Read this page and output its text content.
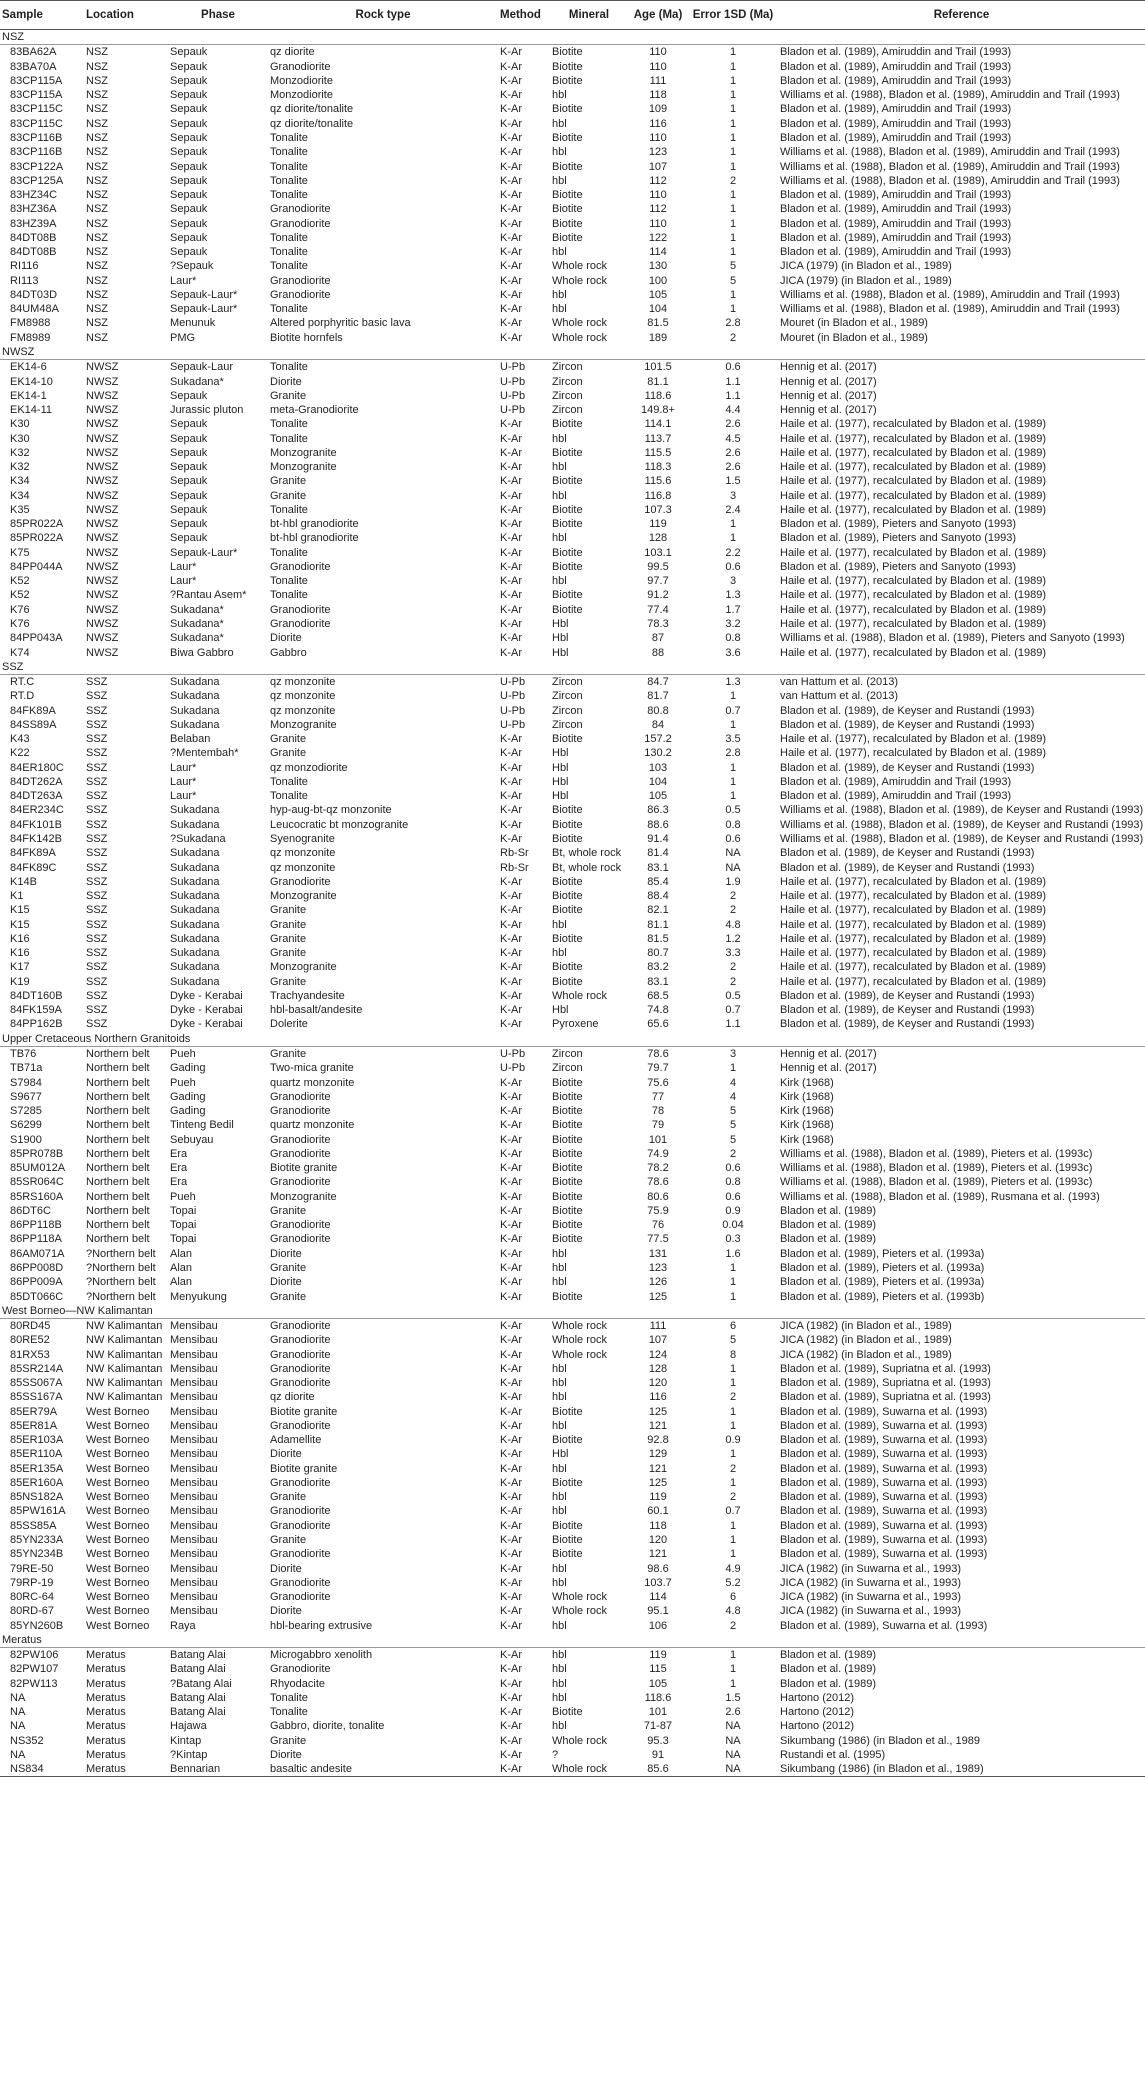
Sample	Location	Phase	Rock type	Method	Mineral	Age (Ma)	Error 1SD (Ma)	Reference
NSZ								
83BA62A	NSZ	Sepauk	qz diorite	K-Ar	Biotite	110	1	Bladon et al. (1989), Amiruddin and Trail (1993)
83BA70A	NSZ	Sepauk	Granodiorite	K-Ar	Biotite	110	1	Bladon et al. (1989), Amiruddin and Trail (1993)
83CP115A	NSZ	Sepauk	Monzodiorite	K-Ar	Biotite	111	1	Bladon et al. (1989), Amiruddin and Trail (1993)
83CP115A	NSZ	Sepauk	Monzodiorite	K-Ar	hbl	118	1	Williams et al. (1988), Bladon et al. (1989), Amiruddin and Trail (1993)
83CP115C	NSZ	Sepauk	qz diorite/tonalite	K-Ar	Biotite	109	1	Bladon et al. (1989), Amiruddin and Trail (1993)
83CP115C	NSZ	Sepauk	qz diorite/tonalite	K-Ar	hbl	116	1	Bladon et al. (1989), Amiruddin and Trail (1993)
83CP116B	NSZ	Sepauk	Tonalite	K-Ar	Biotite	110	1	Bladon et al. (1989), Amiruddin and Trail (1993)
83CP116B	NSZ	Sepauk	Tonalite	K-Ar	hbl	123	1	Williams et al. (1988), Bladon et al. (1989), Amiruddin and Trail (1993)
83CP122A	NSZ	Sepauk	Tonalite	K-Ar	Biotite	107	1	Williams et al. (1988), Bladon et al. (1989), Amiruddin and Trail (1993)
83CP125A	NSZ	Sepauk	Tonalite	K-Ar	hbl	112	2	Williams et al. (1988), Bladon et al. (1989), Amiruddin and Trail (1993)
83HZ34C	NSZ	Sepauk	Tonalite	K-Ar	Biotite	110	1	Bladon et al. (1989), Amiruddin and Trail (1993)
83HZ36A	NSZ	Sepauk	Granodiorite	K-Ar	Biotite	112	1	Bladon et al. (1989), Amiruddin and Trail (1993)
83HZ39A	NSZ	Sepauk	Granodiorite	K-Ar	Biotite	110	1	Bladon et al. (1989), Amiruddin and Trail (1993)
84DT08B	NSZ	Sepauk	Tonalite	K-Ar	Biotite	122	1	Bladon et al. (1989), Amiruddin and Trail (1993)
84DT08B	NSZ	Sepauk	Tonalite	K-Ar	hbl	114	1	Bladon et al. (1989), Amiruddin and Trail (1993)
RI116	NSZ	?Sepauk	Tonalite	K-Ar	Whole rock	130	5	JICA (1979) (in Bladon et al., 1989)
RI113	NSZ	Laur*	Granodiorite	K-Ar	Whole rock	100	5	JICA (1979) (in Bladon et al., 1989)
84DT03D	NSZ	Sepauk-Laur*	Granodiorite	K-Ar	hbl	105	1	Williams et al. (1988), Bladon et al. (1989), Amiruddin and Trail (1993)
84UM48A	NSZ	Sepauk-Laur*	Tonalite	K-Ar	hbl	104	1	Williams et al. (1988), Bladon et al. (1989), Amiruddin and Trail (1993)
FM8988	NSZ	Menunuk	Altered porphyritic basic lava	K-Ar	Whole rock	81.5	2.8	Mouret (in Bladon et al., 1989)
FM8989	NSZ	PMG	Biotite hornfels	K-Ar	Whole rock	189	2	Mouret (in Bladon et al., 1989)
NWSZ								
EK14-6	NWSZ	Sepauk-Laur	Tonalite	U-Pb	Zircon	101.5	0.6	Hennig et al. (2017)
EK14-10	NWSZ	Sukadana*	Diorite	U-Pb	Zircon	81.1	1.1	Hennig et al. (2017)
EK14-1	NWSZ	Sepauk	Granite	U-Pb	Zircon	118.6	1.1	Hennig et al. (2017)
EK14-11	NWSZ	Jurassic pluton	meta-Granodiorite	U-Pb	Zircon	149.8+	4.4	Hennig et al. (2017)
K30	NWSZ	Sepauk	Tonalite	K-Ar	Biotite	114.1	2.6	Haile et al. (1977), recalculated by Bladon et al. (1989)
K30	NWSZ	Sepauk	Tonalite	K-Ar	hbl	113.7	4.5	Haile et al. (1977), recalculated by Bladon et al. (1989)
K32	NWSZ	Sepauk	Monzogranite	K-Ar	Biotite	115.5	2.6	Haile et al. (1977), recalculated by Bladon et al. (1989)
K32	NWSZ	Sepauk	Monzogranite	K-Ar	hbl	118.3	2.6	Haile et al. (1977), recalculated by Bladon et al. (1989)
K34	NWSZ	Sepauk	Granite	K-Ar	Biotite	115.6	1.5	Haile et al. (1977), recalculated by Bladon et al. (1989)
K34	NWSZ	Sepauk	Granite	K-Ar	hbl	116.8	3	Haile et al. (1977), recalculated by Bladon et al. (1989)
K35	NWSZ	Sepauk	Tonalite	K-Ar	Biotite	107.3	2.4	Haile et al. (1977), recalculated by Bladon et al. (1989)
85PR022A	NWSZ	Sepauk	bt-hbl granodiorite	K-Ar	Biotite	119	1	Bladon et al. (1989), Pieters and Sanyoto (1993)
85PR022A	NWSZ	Sepauk	bt-hbl granodiorite	K-Ar	hbl	128	1	Bladon et al. (1989), Pieters and Sanyoto (1993)
K75	NWSZ	Sepauk-Laur*	Tonalite	K-Ar	Biotite	103.1	2.2	Haile et al. (1977), recalculated by Bladon et al. (1989)
84PP044A	NWSZ	Laur*	Granodiorite	K-Ar	Biotite	99.5	0.6	Bladon et al. (1989), Pieters and Sanyoto (1993)
K52	NWSZ	Laur*	Tonalite	K-Ar	hbl	97.7	3	Haile et al. (1977), recalculated by Bladon et al. (1989)
K52	NWSZ	?Rantau Asem*	Tonalite	K-Ar	Biotite	91.2	1.3	Haile et al. (1977), recalculated by Bladon et al. (1989)
K76	NWSZ	Sukadana*	Granodiorite	K-Ar	Biotite	77.4	1.7	Haile et al. (1977), recalculated by Bladon et al. (1989)
K76	NWSZ	Sukadana*	Granodiorite	K-Ar	Hbl	78.3	3.2	Haile et al. (1977), recalculated by Bladon et al. (1989)
84PP043A	NWSZ	Sukadana*	Diorite	K-Ar	Hbl	87	0.8	Williams et al. (1988), Bladon et al. (1989), Pieters and Sanyoto (1993)
K74	NWSZ	Biwa Gabbro	Gabbro	K-Ar	Hbl	88	3.6	Haile et al. (1977), recalculated by Bladon et al. (1989)
SSZ								
RT.C	SSZ	Sukadana	qz monzonite	U-Pb	Zircon	84.7	1.3	van Hattum et al. (2013)
RT.D	SSZ	Sukadana	qz monzonite	U-Pb	Zircon	81.7	1	van Hattum et al. (2013)
84FK89A	SSZ	Sukadana	qz monzonite	U-Pb	Zircon	80.8	0.7	Bladon et al. (1989), de Keyser and Rustandi (1993)
84SS89A	SSZ	Sukadana	Monzogranite	U-Pb	Zircon	84	1	Bladon et al. (1989), de Keyser and Rustandi (1993)
K43	SSZ	Belaban	Granite	K-Ar	Biotite	157.2	3.5	Haile et al. (1977), recalculated by Bladon et al. (1989)
K22	SSZ	?Mentembah*	Granite	K-Ar	Hbl	130.2	2.8	Haile et al. (1977), recalculated by Bladon et al. (1989)
84ER180C	SSZ	Laur*	qz monzodiorite	K-Ar	Hbl	103	1	Bladon et al. (1989), de Keyser and Rustandi (1993)
84DT262A	SSZ	Laur*	Tonalite	K-Ar	Hbl	104	1	Bladon et al. (1989), Amiruddin and Trail (1993)
84DT263A	SSZ	Laur*	Tonalite	K-Ar	Hbl	105	1	Bladon et al. (1989), Amiruddin and Trail (1993)
84ER234C	SSZ	Sukadana	hyp-aug-bt-qz monzonite	K-Ar	Biotite	86.3	0.5	Williams et al. (1988), Bladon et al. (1989), de Keyser and Rustandi (1993)
84FK101B	SSZ	Sukadana	Leucocratic bt monzogranite	K-Ar	Biotite	88.6	0.8	Williams et al. (1988), Bladon et al. (1989), de Keyser and Rustandi (1993)
84FK142B	SSZ	?Sukadana	Syenogranite	K-Ar	Biotite	91.4	0.6	Williams et al. (1988), Bladon et al. (1989), de Keyser and Rustandi (1993)
84FK89A	SSZ	Sukadana	qz monzonite	Rb-Sr	Bt, whole rock	81.4	NA	Bladon et al. (1989), de Keyser and Rustandi (1993)
84FK89C	SSZ	Sukadana	qz monzonite	Rb-Sr	Bt, whole rock	83.1	NA	Bladon et al. (1989), de Keyser and Rustandi (1993)
K14B	SSZ	Sukadana	Granodiorite	K-Ar	Biotite	85.4	1.9	Haile et al. (1977), recalculated by Bladon et al. (1989)
K1	SSZ	Sukadana	Monzogranite	K-Ar	Biotite	88.4	2	Haile et al. (1977), recalculated by Bladon et al. (1989)
K15	SSZ	Sukadana	Granite	K-Ar	Biotite	82.1	2	Haile et al. (1977), recalculated by Bladon et al. (1989)
K15	SSZ	Sukadana	Granite	K-Ar	hbl	81.1	4.8	Haile et al. (1977), recalculated by Bladon et al. (1989)
K16	SSZ	Sukadana	Granite	K-Ar	Biotite	81.5	1.2	Haile et al. (1977), recalculated by Bladon et al. (1989)
K16	SSZ	Sukadana	Granite	K-Ar	hbl	80.7	3.3	Haile et al. (1977), recalculated by Bladon et al. (1989)
K17	SSZ	Sukadana	Monzogranite	K-Ar	Biotite	83.2	2	Haile et al. (1977), recalculated by Bladon et al. (1989)
K19	SSZ	Sukadana	Granite	K-Ar	Biotite	83.1	2	Haile et al. (1977), recalculated by Bladon et al. (1989)
84DT160B	SSZ	Dyke - Kerabai	Trachyandesite	K-Ar	Whole rock	68.5	0.5	Bladon et al. (1989), de Keyser and Rustandi (1993)
84FK159A	SSZ	Dyke - Kerabai	hbl-basalt/andesite	K-Ar	Hbl	74.8	0.7	Bladon et al. (1989), de Keyser and Rustandi (1993)
84PP162B	SSZ	Dyke - Kerabai	Dolerite	K-Ar	Pyroxene	65.6	1.1	Bladon et al. (1989), de Keyser and Rustandi (1993)
Upper Cretaceous Northern Granitoids								
TB76	Northern belt	Pueh	Granite	U-Pb	Zircon	78.6	3	Hennig et al. (2017)
TB71a	Northern belt	Gading	Two-mica granite	U-Pb	Zircon	79.7	1	Hennig et al. (2017)
S7984	Northern belt	Pueh	quartz monzonite	K-Ar	Biotite	75.6	4	Kirk (1968)
S9677	Northern belt	Gading	Granodiorite	K-Ar	Biotite	77	4	Kirk (1968)
S7285	Northern belt	Gading	Granodiorite	K-Ar	Biotite	78	5	Kirk (1968)
S6299	Northern belt	Tinteng Bedil	quartz monzonite	K-Ar	Biotite	79	5	Kirk (1968)
S1900	Northern belt	Sebuyau	Granodiorite	K-Ar	Biotite	101	5	Kirk (1968)
85PR078B	Northern belt	Era	Granodiorite	K-Ar	Biotite	74.9	2	Williams et al. (1988), Bladon et al. (1989), Pieters et al. (1993c)
85UM012A	Northern belt	Era	Biotite granite	K-Ar	Biotite	78.2	0.6	Williams et al. (1988), Bladon et al. (1989), Pieters et al. (1993c)
85SR064C	Northern belt	Era	Granodiorite	K-Ar	Biotite	78.6	0.8	Williams et al. (1988), Bladon et al. (1989), Pieters et al. (1993c)
85RS160A	Northern belt	Pueh	Monzogranite	K-Ar	Biotite	80.6	0.6	Williams et al. (1988), Bladon et al. (1989), Rusmana et al. (1993)
86DT6C	Northern belt	Topai	Granite	K-Ar	Biotite	75.9	0.9	Bladon et al. (1989)
86PP118B	Northern belt	Topai	Granodiorite	K-Ar	Biotite	76	0.04	Bladon et al. (1989)
86PP118A	Northern belt	Topai	Granodiorite	K-Ar	Biotite	77.5	0.3	Bladon et al. (1989)
86AM071A	?Northern belt	Alan	Diorite	K-Ar	hbl	131	1.6	Bladon et al. (1989), Pieters et al. (1993a)
86PP008D	?Northern belt	Alan	Granite	K-Ar	hbl	123	1	Bladon et al. (1989), Pieters et al. (1993a)
86PP009A	?Northern belt	Alan	Diorite	K-Ar	hbl	126	1	Bladon et al. (1989), Pieters et al. (1993a)
85DT066C	?Northern belt	Menyukung	Granite	K-Ar	Biotite	125	1	Bladon et al. (1989), Pieters et al. (1993b)
West Borneo—NW Kalimantan								
80RD45	NW Kalimantan	Mensibau	Granodiorite	K-Ar	Whole rock	111	6	JICA (1982) (in Bladon et al., 1989)
80RE52	NW Kalimantan	Mensibau	Granodiorite	K-Ar	Whole rock	107	5	JICA (1982) (in Bladon et al., 1989)
81RX53	NW Kalimantan	Mensibau	Granodiorite	K-Ar	Whole rock	124	8	JICA (1982) (in Bladon et al., 1989)
85SR214A	NW Kalimantan	Mensibau	Granodiorite	K-Ar	hbl	128	1	Bladon et al. (1989), Supriatna et al. (1993)
85SS067A	NW Kalimantan	Mensibau	Granodiorite	K-Ar	hbl	120	1	Bladon et al. (1989), Supriatna et al. (1993)
85SS167A	NW Kalimantan	Mensibau	qz diorite	K-Ar	hbl	116	2	Bladon et al. (1989), Supriatna et al. (1993)
85ER79A	West Borneo	Mensibau	Biotite granite	K-Ar	Biotite	125	1	Bladon et al. (1989), Suwarna et al. (1993)
85ER81A	West Borneo	Mensibau	Granodiorite	K-Ar	hbl	121	1	Bladon et al. (1989), Suwarna et al. (1993)
85ER103A	West Borneo	Mensibau	Adamellite	K-Ar	Biotite	92.8	0.9	Bladon et al. (1989), Suwarna et al. (1993)
85ER110A	West Borneo	Mensibau	Diorite	K-Ar	Hbl	129	1	Bladon et al. (1989), Suwarna et al. (1993)
85ER135A	West Borneo	Mensibau	Biotite granite	K-Ar	hbl	121	2	Bladon et al. (1989), Suwarna et al. (1993)
85ER160A	West Borneo	Mensibau	Granodiorite	K-Ar	Biotite	125	1	Bladon et al. (1989), Suwarna et al. (1993)
85NS182A	West Borneo	Mensibau	Granite	K-Ar	hbl	119	2	Bladon et al. (1989), Suwarna et al. (1993)
85PW161A	West Borneo	Mensibau	Granodiorite	K-Ar	hbl	60.1	0.7	Bladon et al. (1989), Suwarna et al. (1993)
85SS85A	West Borneo	Mensibau	Granodiorite	K-Ar	Biotite	118	1	Bladon et al. (1989), Suwarna et al. (1993)
85YN233A	West Borneo	Mensibau	Granite	K-Ar	Biotite	120	1	Bladon et al. (1989), Suwarna et al. (1993)
85YN234B	West Borneo	Mensibau	Granodiorite	K-Ar	Biotite	121	1	Bladon et al. (1989), Suwarna et al. (1993)
79RE-50	West Borneo	Mensibau	Diorite	K-Ar	hbl	98.6	4.9	JICA (1982) (in Suwarna et al., 1993)
79RP-19	West Borneo	Mensibau	Granodiorite	K-Ar	hbl	103.7	5.2	JICA (1982) (in Suwarna et al., 1993)
80RC-64	West Borneo	Mensibau	Granodiorite	K-Ar	Whole rock	114	6	JICA (1982) (in Suwarna et al., 1993)
80RD-67	West Borneo	Mensibau	Diorite	K-Ar	Whole rock	95.1	4.8	JICA (1982) (in Suwarna et al., 1993)
85YN260B	West Borneo	Raya	hbl-bearing extrusive	K-Ar	hbl	106	2	Bladon et al. (1989), Suwarna et al. (1993)
Meratus								
82PW106	Meratus	Batang Alai	Microgabbro xenolith	K-Ar	hbl	119	1	Bladon et al. (1989)
82PW107	Meratus	Batang Alai	Granodiorite	K-Ar	hbl	115	1	Bladon et al. (1989)
82PW113	Meratus	?Batang Alai	Rhyodacite	K-Ar	hbl	105	1	Bladon et al. (1989)
NA	Meratus	Batang Alai	Tonalite	K-Ar	hbl	118.6	1.5	Hartono (2012)
NA	Meratus	Batang Alai	Tonalite	K-Ar	Biotite	101	2.6	Hartono (2012)
NA	Meratus	Hajawa	Gabbro, diorite, tonalite	K-Ar	hbl	71-87	NA	Hartono (2012)
NS352	Meratus	Kintap	Granite	K-Ar	Whole rock	95.3	NA	Sikumbang (1986) (in Bladon et al., 1989
NA	Meratus	?Kintap	Diorite	K-Ar	?	91	NA	Rustandi et al. (1995)
NS834	Meratus	Bennarian	basaltic andesite	K-Ar	Whole rock	85.6	NA	Sikumbang (1986) (in Bladon et al., 1989)
